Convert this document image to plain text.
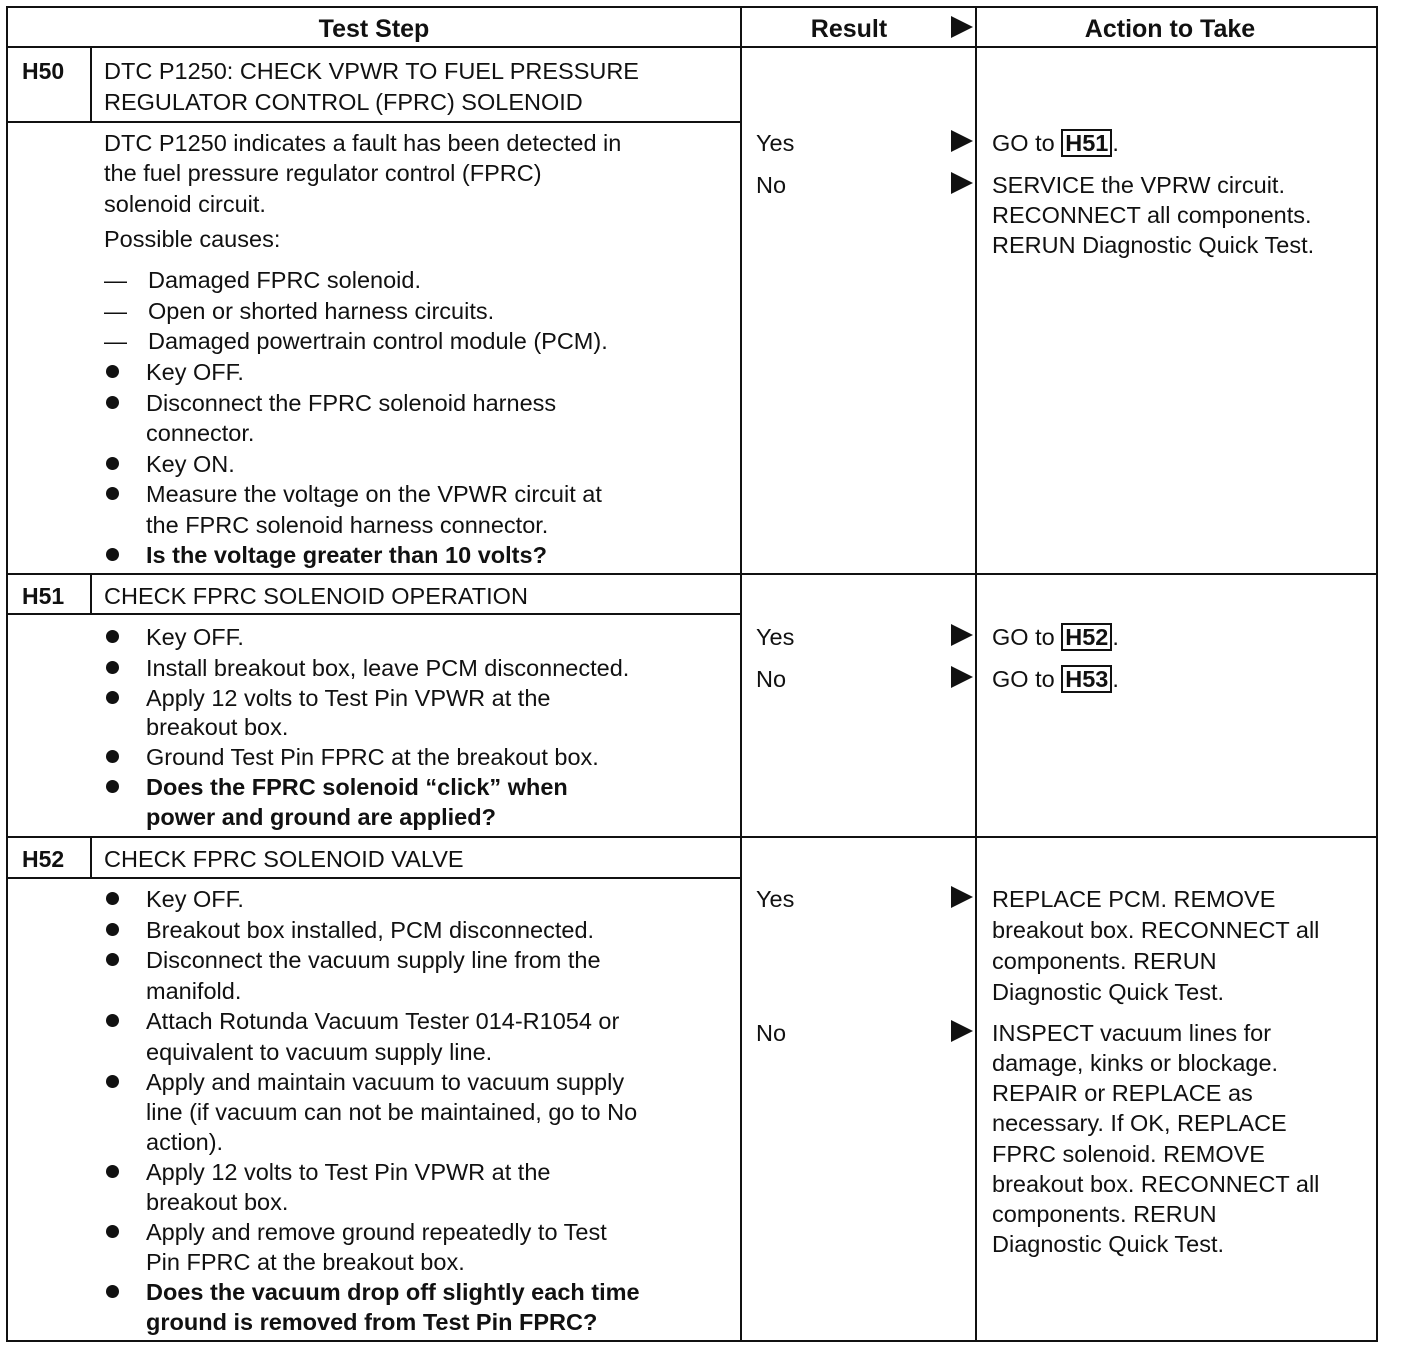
Test Step	Result	Action to Take
H50 DTC P1250: CHECK VPWR TO FUEL PRESSURE
REGULATOR CONTROL (FPRC) SOLENOID
DTC P1250 indicates a fault has been detected in
the fuel pressure regulator control (FPRC)
solenoid circuit.
Possible causes:
— Damaged FPRC solenoid.
— Open or shorted harness circuits.
— Damaged powertrain control module (PCM).
Key OFF.
Disconnect the FPRC solenoid harness
connector.
Key ON.
Measure the voltage on the VPWR circuit at
the FPRC solenoid harness connector.
Is the voltage greater than 10 volts?
Yes
No
GO to H51 .
SERVICE the VPRW circuit.
RECONNECT all components.
RERUN Diagnostic Quick Test.
H51 CHECK FPRC SOLENOID OPERATION
Key OFF.
Install breakout box, leave PCM disconnected.
Apply 12 volts to Test Pin VPWR at the
breakout box.
Ground Test Pin FPRC at the breakout box.
Does the FPRC solenoid “click” when
power and ground are applied?
Yes
No
GO to H52 .
GO to H53 .
H52 CHECK FPRC SOLENOID VALVE
Key OFF.
Breakout box installed, PCM disconnected.
Disconnect the vacuum supply line from the
manifold.
Attach Rotunda Vacuum Tester 014-R1054 or
equivalent to vacuum supply line.
Apply and maintain vacuum to vacuum supply
line (if vacuum can not be maintained, go to No
action).
Apply 12 volts to Test Pin VPWR at the
breakout box.
Apply and remove ground repeatedly to Test
Pin FPRC at the breakout box.
Does the vacuum drop off slightly each time
ground is removed from Test Pin FPRC?
Yes
No
REPLACE PCM. REMOVE
breakout box. RECONNECT all
components. RERUN
Diagnostic Quick Test.
INSPECT vacuum lines for
damage, kinks or blockage.
REPAIR or REPLACE as
necessary. If OK, REPLACE
FPRC solenoid. REMOVE
breakout box. RECONNECT all
components. RERUN
Diagnostic Quick Test.
